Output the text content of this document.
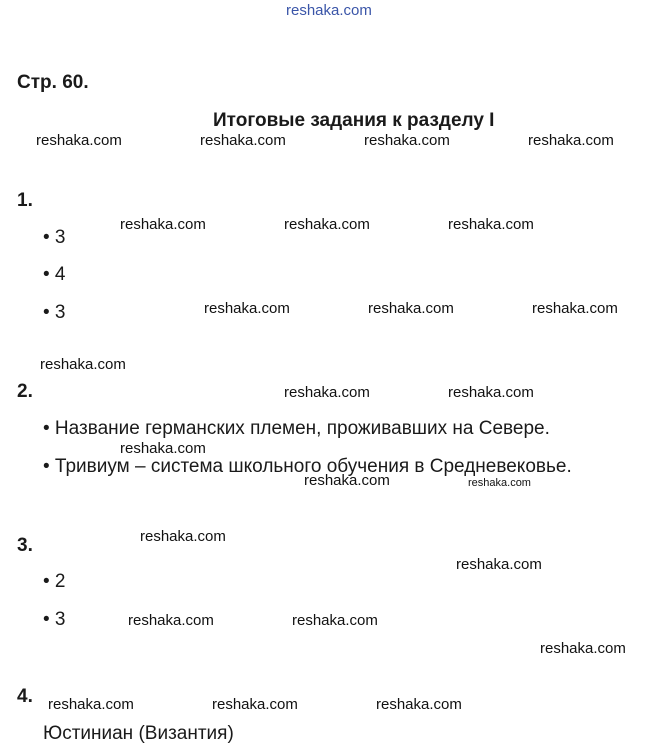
reshaka.com
Стр. 60.
Итоговые задания к разделу I
1.
• 3
• 4
• 3
2.
• Название германских племен, проживавших на Севере.
• Тривиум – система школьного обучения в Средневековье.
3.
• 2
• 3
4.
Юстиниан (Византия)
reshaka.com	reshaka.com	reshaka.com	reshaka.com
reshaka.com	reshaka.com	reshaka.com
reshaka.com	reshaka.com	reshaka.com
reshaka.com
reshaka.com	reshaka.com
reshaka.com
reshaka.com	reshaka.com
reshaka.com
reshaka.com
reshaka.com	reshaka.com
reshaka.com
reshaka.com	reshaka.com	reshaka.com
